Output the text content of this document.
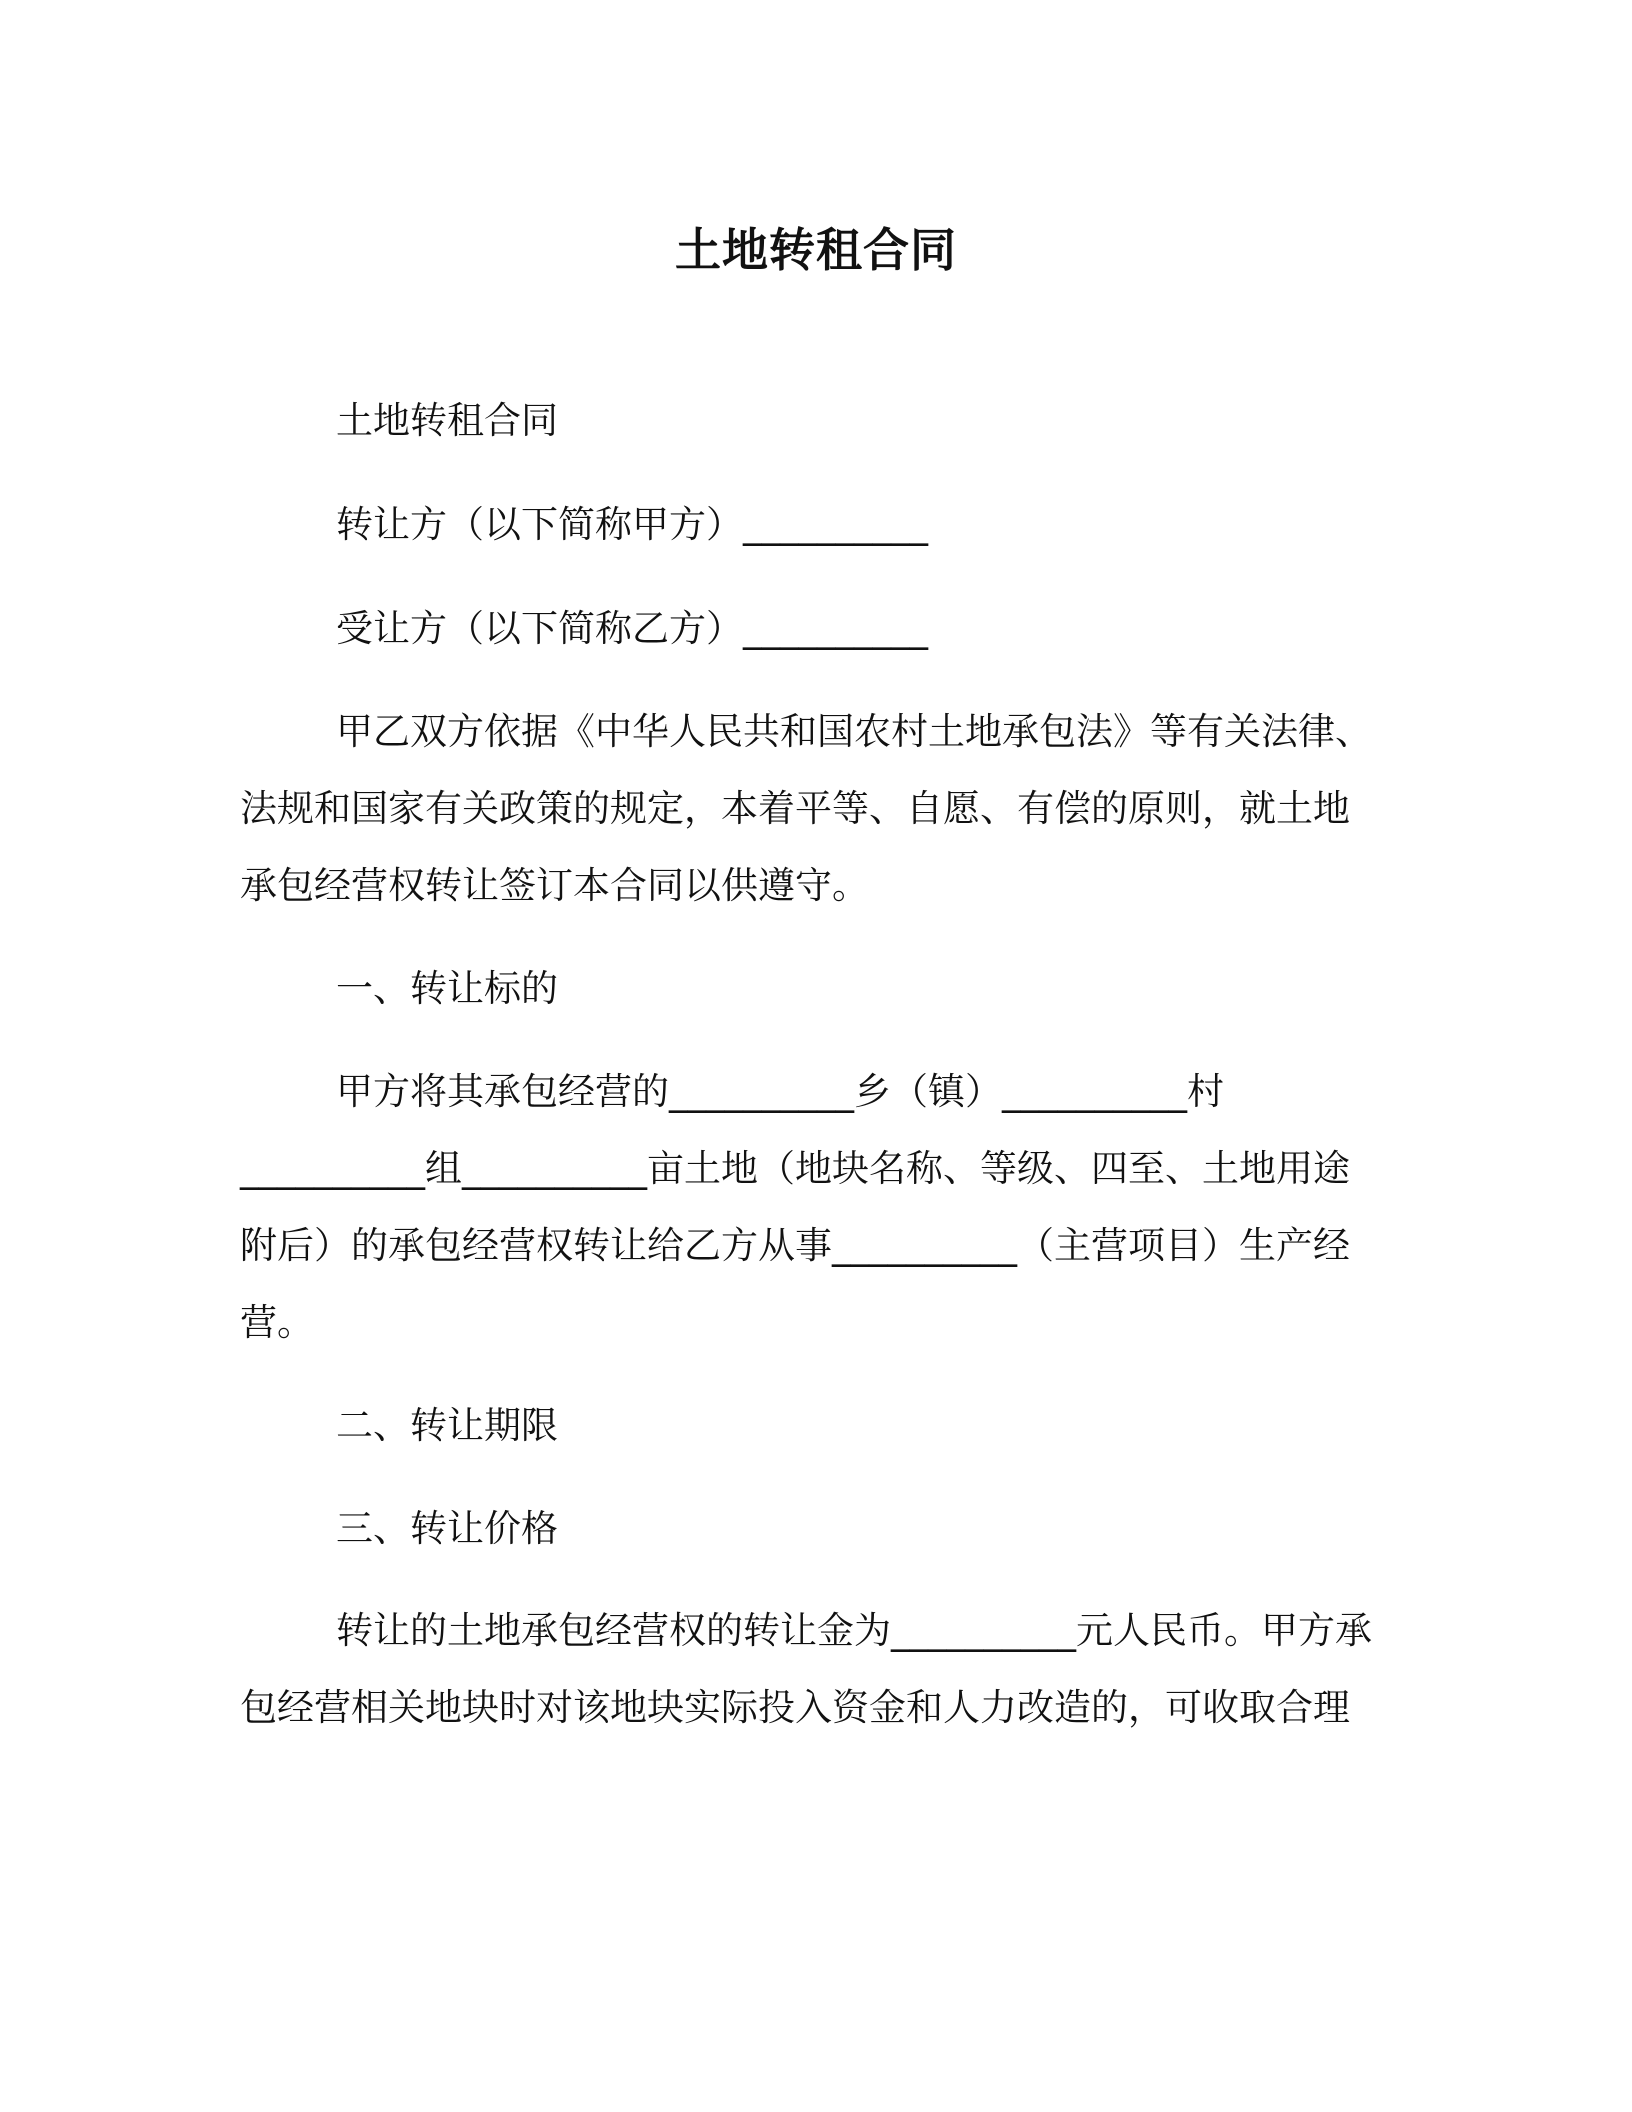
土地转租合同
土地转租合同
转让方（以下简称甲方）__________
受让方（以下简称乙方）__________
甲乙双方依据《中华人民共和国农村土地承包法》等有关法律、
法规和国家有关政策的规定，本着平等、自愿、有偿的原则，就土地
承包经营权转让签订本合同以供遵守。
一、转让标的
甲方将其承包经营的__________乡（镇）__________村
__________组__________亩土地（地块名称、等级、四至、土地用途
附后）的承包经营权转让给乙方从事__________（主营项目）生产经
营。
二、转让期限
三、转让价格
转让的土地承包经营权的转让金为__________元人民币。甲方承
包经营相关地块时对该地块实际投入资金和人力改造的，可收取合理
